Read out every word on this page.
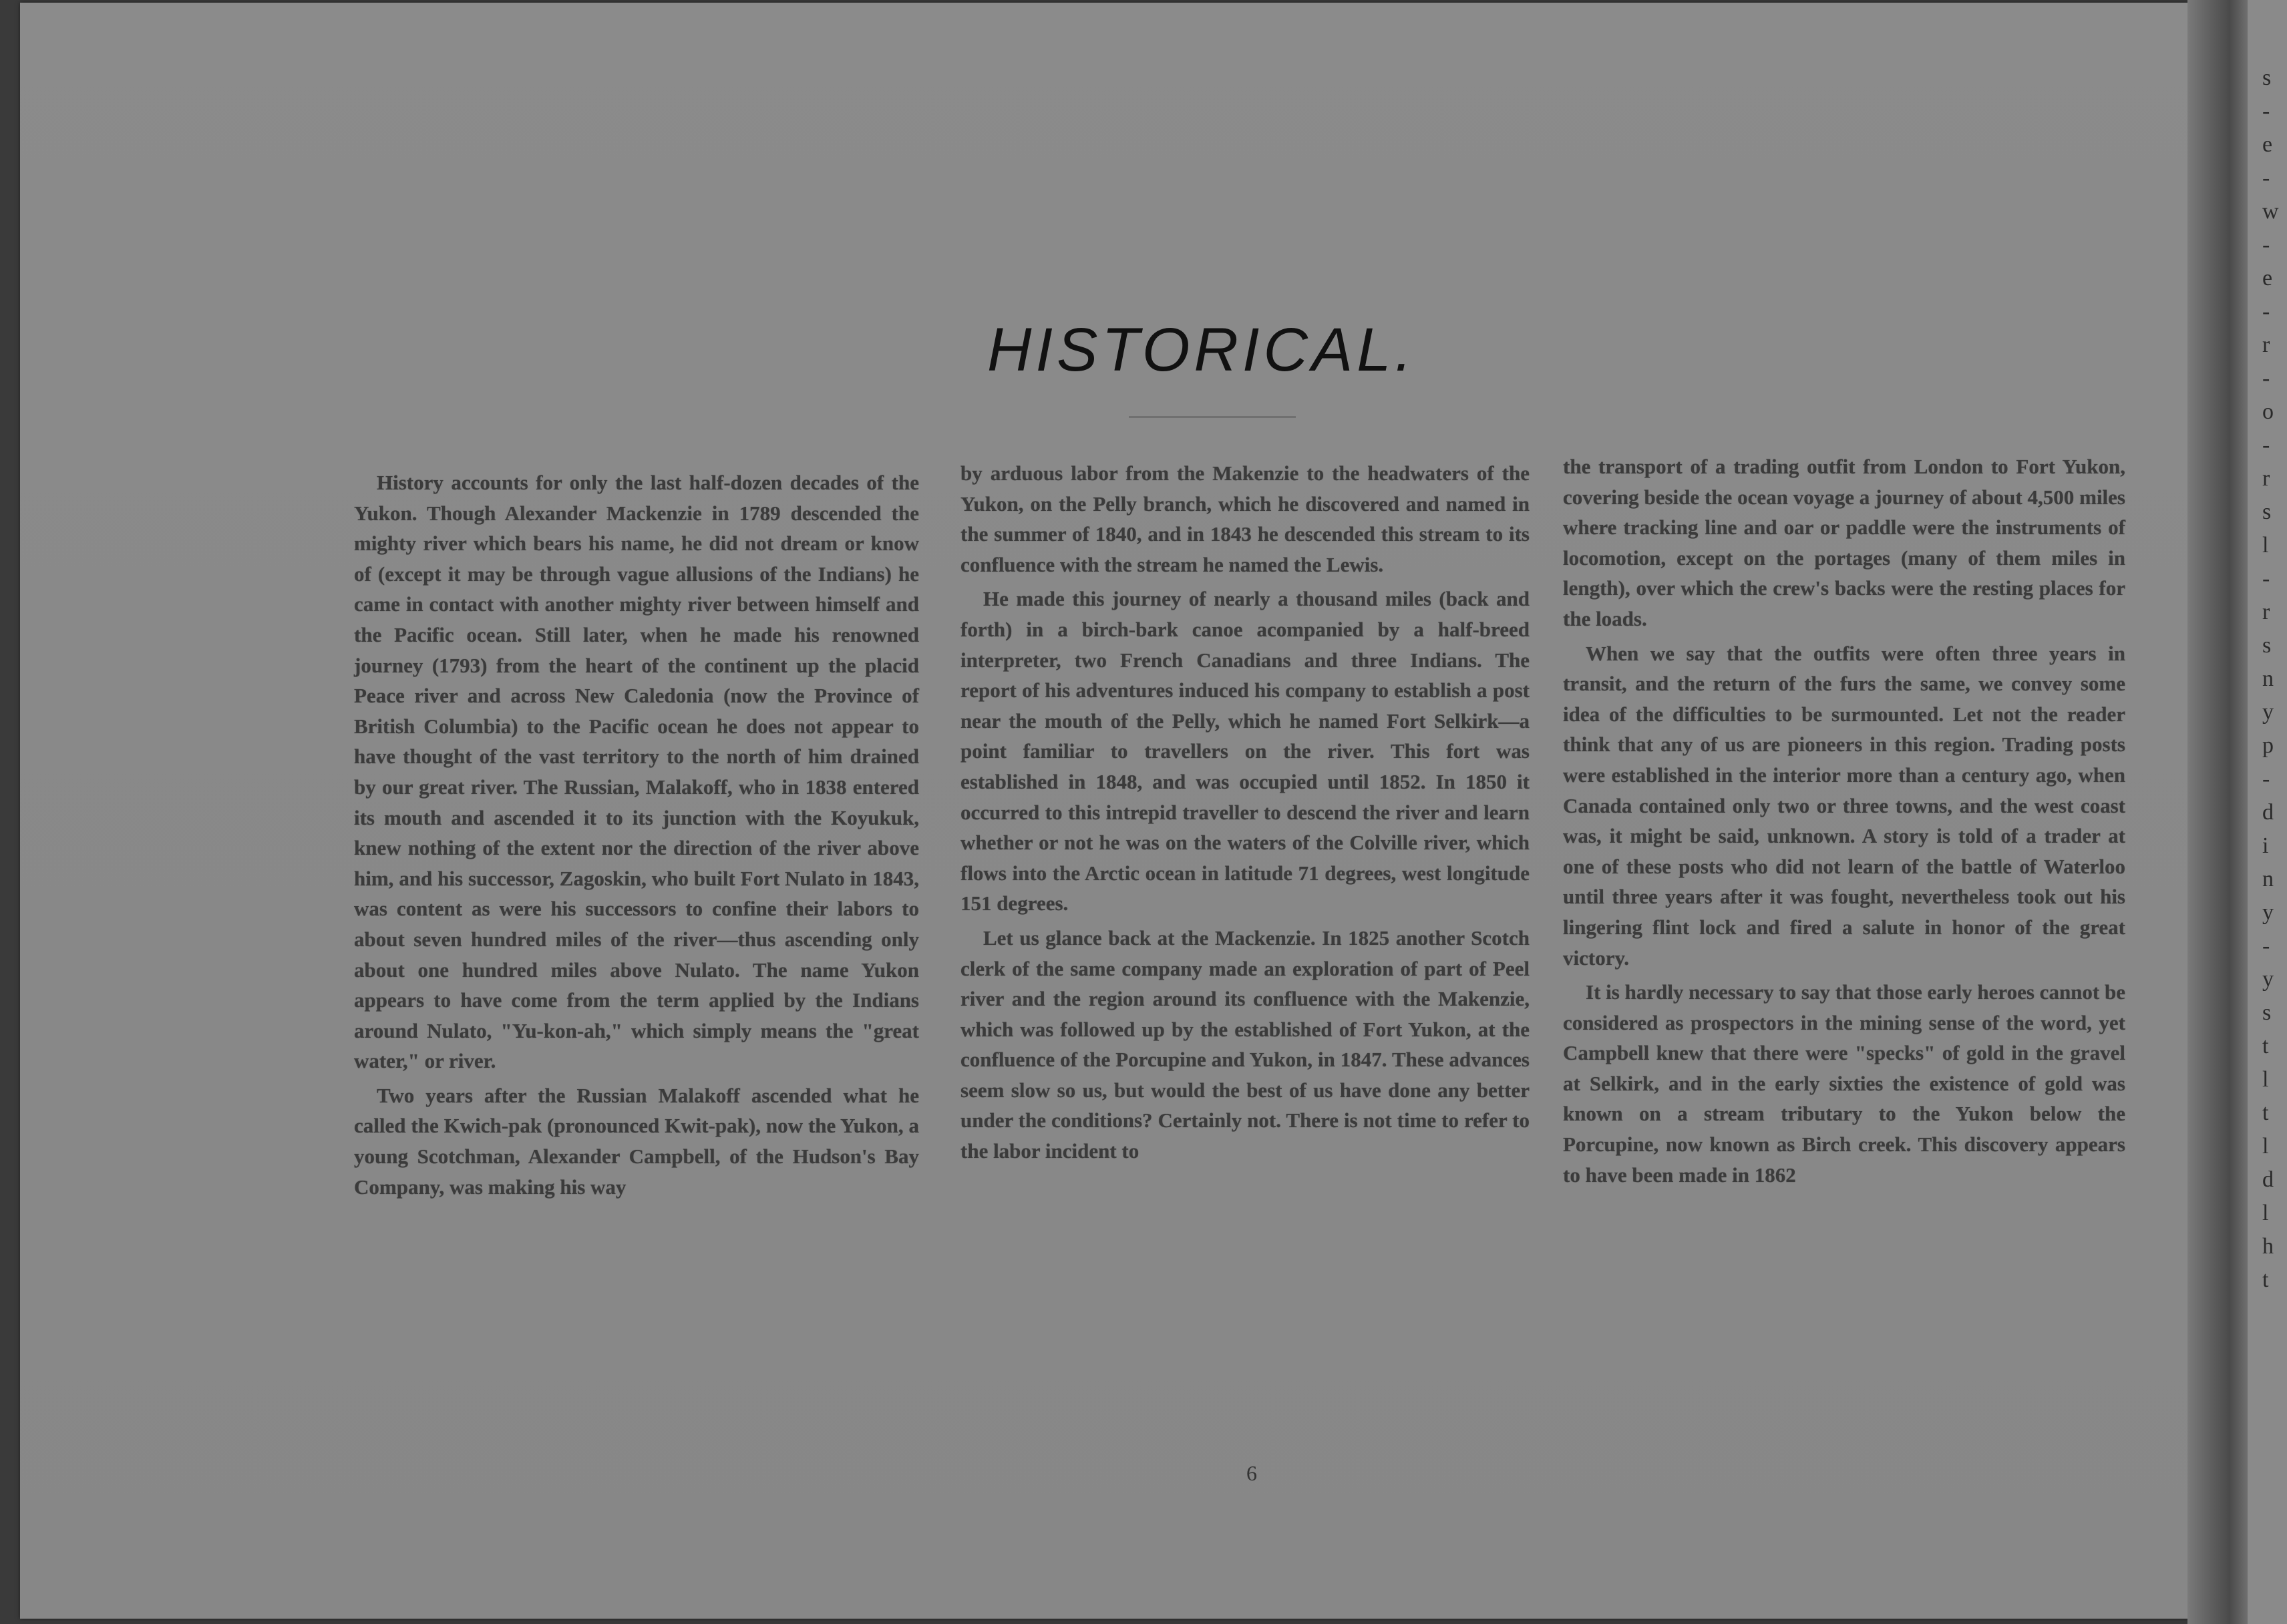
s
-
e
-
w
-
e
-
r
-
o
-
r
s
l
-
r
s
n
y
p
-
d
i
n
y
-
y
s
t
l
t
l
d
l
h
t
HISTORICAL.

History accounts for only the last half-dozen decades of the Yukon. Though Alexander Mackenzie in 1789 descended the mighty river which bears his name, he did not dream or know of (except it may be through vague allusions of the Indians) he came in contact with another mighty river between himself and the Pacific ocean. Still later, when he made his renowned journey (1793) from the heart of the continent up the placid Peace river and across New Caledonia (now the Province of British Columbia) to the Pacific ocean he does not appear to have thought of the vast territory to the north of him drained by our great river. The Russian, Malakoff, who in 1838 entered its mouth and ascended it to its junction with the Koyukuk, knew nothing of the extent nor the direction of the river above him, and his successor, Zagoskin, who built Fort Nulato in 1843, was content as were his successors to confine their labors to about seven hundred miles of the river—thus ascending only about one hundred miles above Nulato. The name Yukon appears to have come from the term applied by the Indians around Nulato, "Yu-kon-ah," which simply means the "great water," or river.

Two years after the Russian Malakoff ascended what he called the Kwich-pak (pronounced Kwit-pak), now the Yukon, a young Scotchman, Alexander Campbell, of the Hudson's Bay Company, was making his way

by arduous labor from the Makenzie to the headwaters of the Yukon, on the Pelly branch, which he discovered and named in the summer of 1840, and in 1843 he descended this stream to its confluence with the stream he named the Lewis.

He made this journey of nearly a thousand miles (back and forth) in a birch-bark canoe acompanied by a half-breed interpreter, two French Canadians and three Indians. The report of his adventures induced his company to establish a post near the mouth of the Pelly, which he named Fort Selkirk—a point familiar to travellers on the river. This fort was established in 1848, and was occupied until 1852. In 1850 it occurred to this intrepid traveller to descend the river and learn whether or not he was on the waters of the Colville river, which flows into the Arctic ocean in latitude 71 degrees, west longitude 151 degrees.

Let us glance back at the Mackenzie. In 1825 another Scotch clerk of the same company made an exploration of part of Peel river and the region around its confluence with the Makenzie, which was followed up by the established of Fort Yukon, at the confluence of the Porcupine and Yukon, in 1847. These advances seem slow so us, but would the best of us have done any better under the conditions? Certainly not. There is not time to refer to the labor incident to

the transport of a trading outfit from London to Fort Yukon, covering beside the ocean voyage a journey of about 4,500 miles where tracking line and oar or paddle were the instruments of locomotion, except on the portages (many of them miles in length), over which the crew's backs were the resting places for the loads.

When we say that the outfits were often three years in transit, and the return of the furs the same, we convey some idea of the difficulties to be surmounted. Let not the reader think that any of us are pioneers in this region. Trading posts were established in the interior more than a century ago, when Canada contained only two or three towns, and the west coast was, it might be said, unknown. A story is told of a trader at one of these posts who did not learn of the battle of Waterloo until three years after it was fought, nevertheless took out his lingering flint lock and fired a salute in honor of the great victory.

It is hardly necessary to say that those early heroes cannot be considered as prospectors in the mining sense of the word, yet Campbell knew that there were "specks" of gold in the gravel at Selkirk, and in the early sixties the existence of gold was known on a stream tributary to the Yukon below the Porcupine, now known as Birch creek. This discovery appears to have been made in 1862

6
